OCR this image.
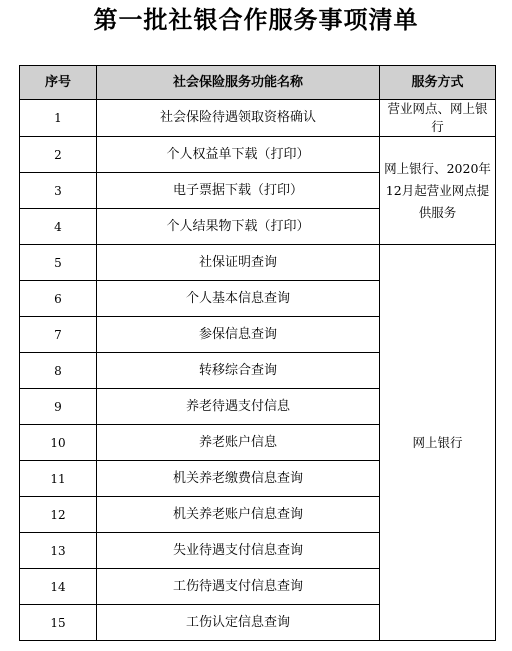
第一批社银合作服务事项清单
序号	社会保险服务功能名称	服务方式
1	社会保险待遇领取资格确认	营业网点、网上银行
2	个人权益单下载（打印）	网上银行、2020年12月起营业网点提供服务
3	电子票据下载（打印）	
4	个人结果物下载（打印）	
5	社保证明查询	网上银行
6	个人基本信息查询	
7	参保信息查询	
8	转移综合查询	
9	养老待遇支付信息	
10	养老账户信息	
11	机关养老缴费信息查询	
12	机关养老账户信息查询	
13	失业待遇支付信息查询	
14	工伤待遇支付信息查询	
15	工伤认定信息查询	
